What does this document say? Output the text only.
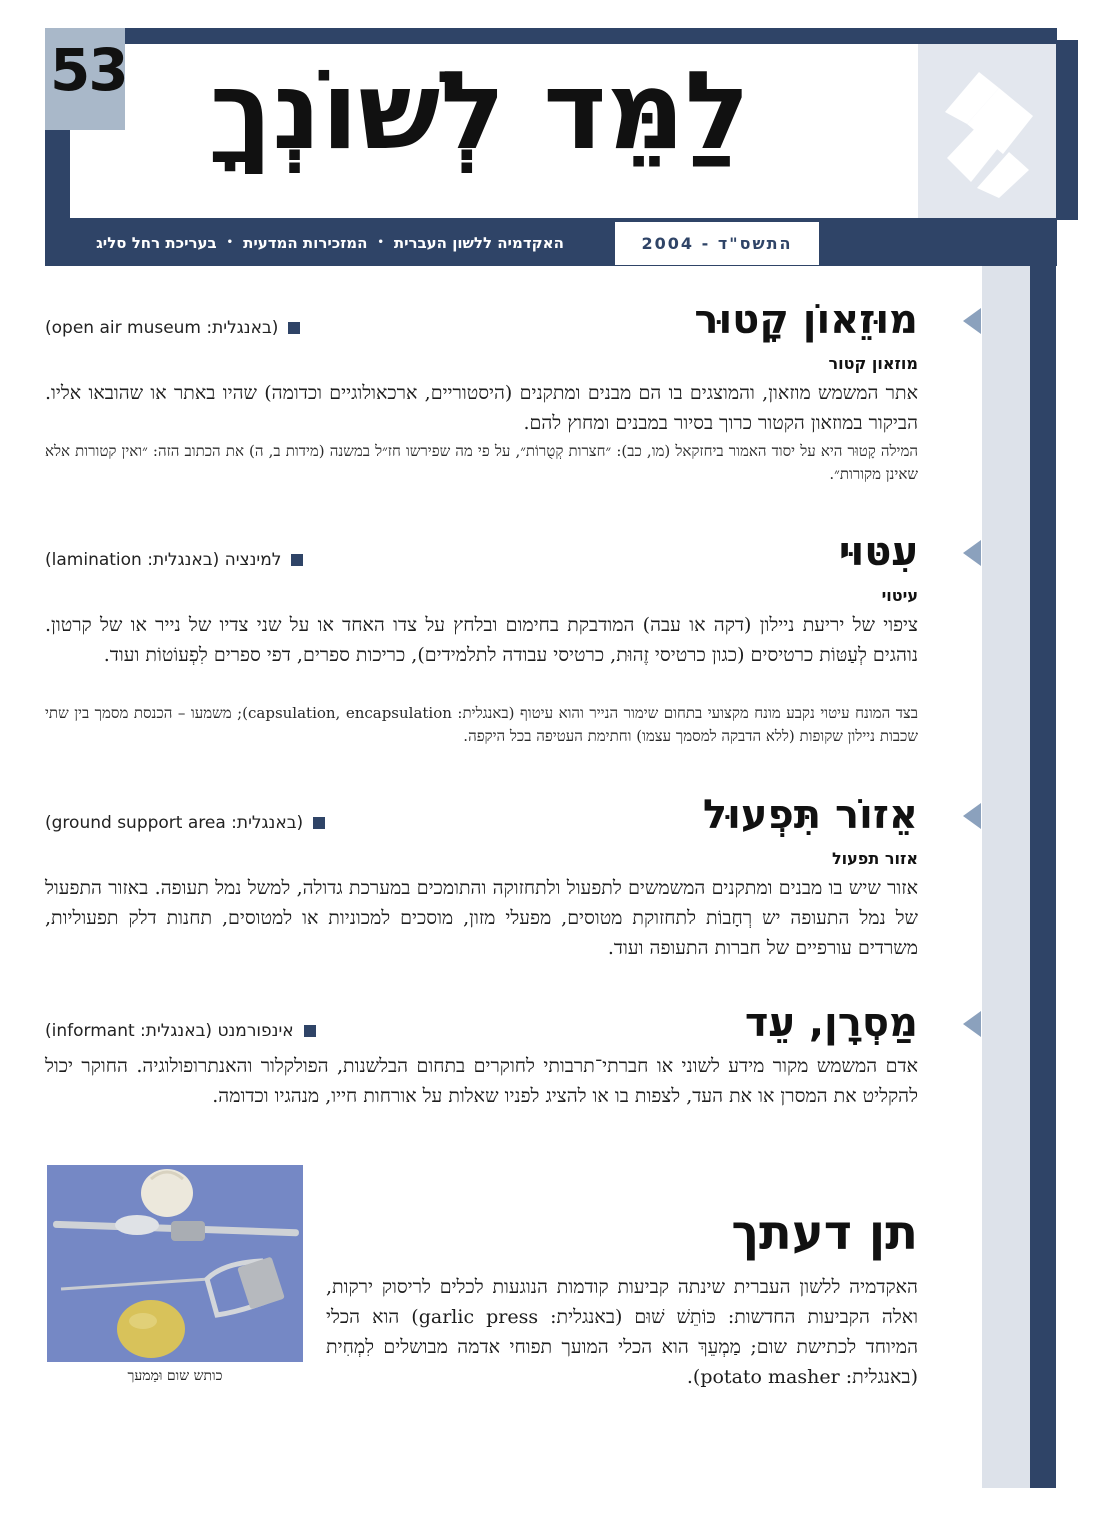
53 לַמֵּד לְשׁוֹנְךָ
האקדמיה ללשון העברית
•
המזכירות המדעית
•
בעריכת רחל סליג	התשס"ד - 2004
מוּזֵאוֹן קָטוּר
(באנגלית: open air museum)
מוזאון קטור
אתר המשמש מוזאון, והמוצגים בו הם מבנים ומתקנים (היסטוריים, ארכאולוגיים וכדומה) שהיו באתר או שהובאו אליו. הביקור במוזאון הקטור כרוך בסיור במבנים ומחוץ להם.
המילה קָטוּר היא על יסוד האמור ביחזקאל (מו, כב): ״חצרות קְטֻרוֹת״, על פי מה שפירשו חז״ל במשנה (מידות ב, ה) את הכתוב הזה: ״ואין קטורות אלא שאינן מקורות״.
עִטּוּי
למינציה (באנגלית: lamination)
עיטוי
ציפוי של יריעת ניילון (דקה או עבה) המודבקת בחימום ובלחץ על צדו האחד או על שני צדיו של נייר או של קרטון. נוהגים לְעַטּוֹת כרטיסים (כגון כרטיסי זֶהוּת, כרטיסי עבודה לתלמידים), כריכות ספרים, דפי ספרים לִפְעוֹטוֹת ועוד.
בצד המונח עיטוי נקבע מונח מקצועי בתחום שימור הנייר והוא עיטוף (באנגלית: capsulation, encapsulation); משמעו – הכנסת מסמך בין שתי שכבות ניילון שקופות (ללא הדבקה למסמך עצמו) וחתימת העטיפה בכל היקפה.
אֵזוֹר תִּפְעוּל
(באנגלית: ground support area)
אזור תפעול
אזור שיש בו מבנים ומתקנים המשמשים לתפעול ולתחזוקה והתומכים במערכת גדולה, למשל נמל תעופה. באזור התפעול של נמל התעופה יש רְחָבוֹת לתחזוקת מטוסים, מפעלי מזון, מוסכים למכוניות או למטוסים, תחנות דלק תפעוליות, משרדים עורפיים של חברות התעופה ועוד.
מַסְרָן, עֵד
אינפורמנט (באנגלית: informant)
אדם המשמש מקור מידע לשוני או חברתי־תרבותי לחוקרים בתחום הבלשנות, הפולקלור והאנתרופולוגיה. החוקר יכול להקליט את המסרן או את העד, לצפות בו או להציג לפניו שאלות על אורחות חייו, מנהגיו וכדומה.
כותש שום וּמַמעך
תן דעתך
האקדמיה ללשון העברית שינתה קביעות קודמות הנוגעות לכלים לריסוק ירקות, ואלה הקביעות החדשות: כּוֹתֵשׁ שׁוּם (באנגלית: garlic press) הוא הכלי המיוחד לכתישת שום; מַמְעֵךְ הוא הכלי המועך תפוחי אדמה מבושלים לִמְחִית (באנגלית: potato masher).
